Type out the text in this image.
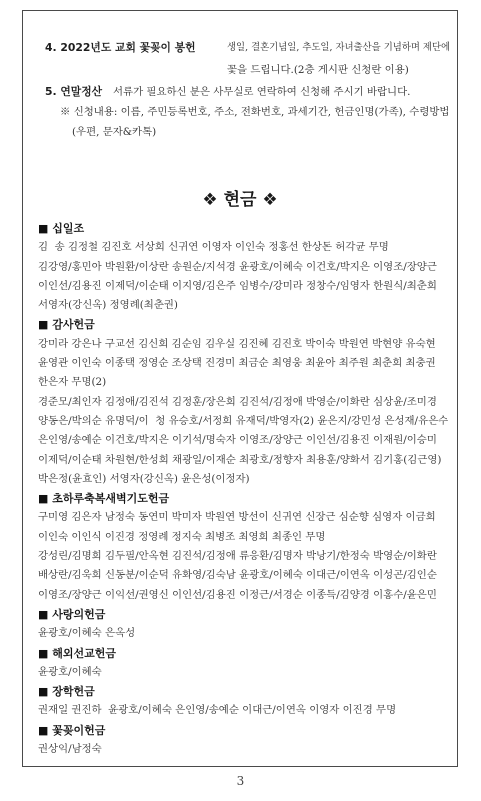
4. 2022년도 교회 꽃꽂이 봉헌	생일, 결혼기념일, 추도일, 자녀출산을 기념하며 제단에
꽃을 드립니다.(2층 게시판 신청란 이용)
5. 연말정산	서류가 필요하신 분은 사무실로 연락하여 신청해 주시기 바랍니다.
※ 신청내용: 이름, 주민등록번호, 주소, 전화번호, 과세기간, 헌금인명(가족), 수령방법
(우편, 문자&카톡)
❖ 현금 ❖
■ 십일조
김  송 김정철 김진호 서상희 신귀연 이영자 이인숙 정홍선 한상돈 허각균 무명
김강영/홍민아 박원환/이상란 송원순/지석경 윤광호/이혜숙 이건호/박지은 이영조/장양근
이인선/김용진 이제덕/이순태 이지영/김은주 임병수/강미라 정창수/임영자 한원식/최춘희
서영자(강신옥) 정영례(최춘권)
■ 감사헌금
강미라 강은나 구교선 김신희 김순임 김우실 김진혜 김진호 박이숙 박원연 박현양 유숙현
윤영관 이인숙 이종택 정영순 조상택 진경미 최금순 최영웅 최윤아 최주원 최춘희 최충권
한은자 무명(2)
경준모/최인자 김정애/김진석 김정훈/장은희 김진석/김정애 박영순/이화란 심상윤/조미경
양동은/박의순 유명덕/이  청 유승호/서정희 유재덕/박영자(2) 윤은지/강민성 은성재/유은수
은인영/송예순 이건호/박지은 이기석/명숙자 이영조/장양근 이인선/김용진 이재원/이승미
이제덕/이순태 차원현/한성희 채광일/이재순 최광호/정향자 최용훈/양화서 김기홍(김근영)
박은정(윤효인) 서영자(강신옥) 윤은성(이정자)
■ 초하루축복새벽기도헌금
구미영 김은자 남정숙 동연미 박미자 박원연 방선이 신귀연 신장근 심순향 심영자 이금희
이인숙 이인식 이진경 정영례 정지숙 최병조 최영희 최종인 무명
강성린/김명희 김두필/안옥현 김진석/김정애 류응환/김명자 박낭기/한정숙 박영순/이화란
배상란/김욱희 신동분/이순덕 유화영/김숙남 윤광호/이혜숙 이대근/이연옥 이성곤/김인순
이영조/장양근 이익선/권영신 이인선/김용진 이정근/서경순 이종득/김양경 이홍수/윤은민
■ 사랑의헌금
윤광호/이혜숙 은옥성
■ 해외선교헌금
윤광호/이혜숙
■ 장학헌금
권재일 권진하  윤광호/이혜숙 은인영/송예순 이대근/이연옥 이영자 이진경 무명
■ 꽃꽂이헌금
권상익/남정숙
3
